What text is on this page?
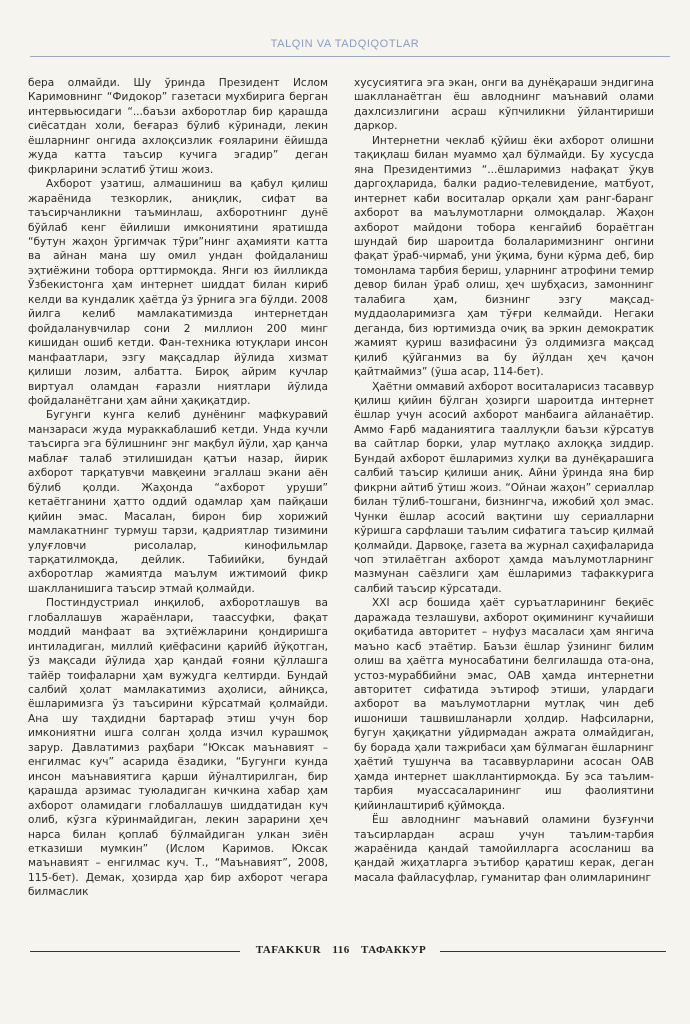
TALQIN VA TADQIQOTLAR

бера олмайди. Шу ўринда Президент Ислом Каримовнинг “Фидокор” газетаси мухбирига берган интервьюсидаги “...баъзи ахборотлар бир қарашда сиёсатдан холи, беғараз бўлиб кўринади, лекин ёшларнинг онгида ахлоқсизлик ғояларини ёйишда жуда катта таъсир кучига эгадир” деган фикрларини эслатиб ўтиш жоиз.

Ахборот узатиш, алмашиниш ва қабул қилиш жараёнида тезкорлик, аниқлик, сифат ва таъсирчанликни таъминлаш, ахборотнинг дунё бўйлаб кенг ёйилиши имкониятини яратишда “бутун жаҳон ўргимчак тўри”нинг аҳамияти катта ва айнан мана шу омил ундан фойдаланиш эҳтиёжини тобора орттирмоқда. Янги юз йилликда Ўзбекистонга ҳам интернет шиддат билан кириб келди ва кундалик ҳаётда ўз ўрнига эга бўлди. 2008 йилга келиб мамлакатимизда интернетдан фойдаланувчилар сони 2 миллион 200 минг кишидан ошиб кетди. Фан-техника ютуқлари инсон манфаатлари, эзгу мақсадлар йўлида хизмат қилиши лозим, албатта. Бироқ айрим кучлар виртуал оламдан ғаразли ниятлари йўлида фойдаланётгани ҳам айни ҳақиқатдир.

Бугунги кунга келиб дунёнинг мафкуравий манзараси жуда мураккаблашиб кетди. Унда кучли таъсирга эга бўлишнинг энг мақбул йўли, ҳар қанча маблағ талаб этилишидан қатъи назар, йирик ахборот тарқатувчи мавқеини эгаллаш экани аён бўлиб қолди. Жаҳонда “ахборот уруши” кетаётганини ҳатто оддий одамлар ҳам пайқаши қийин эмас. Масалан, бирон бир хорижий мамлакатнинг турмуш тарзи, қадриятлар тизимини улуғловчи рисолалар, кинофильмлар тарқатилмоқда, дейлик. Табиийки, бундай ахборотлар жамиятда маълум ижтимоий фикр шаклланишига таъсир этмай қолмайди.

Постиндустриал инқилоб, ахборотлашув ва глобаллашув жараёнлари, таассуфки, фақат моддий манфаат ва эҳтиёжларини қондиришга интиладиган, миллий қиёфасини қарийб йўқотган, ўз мақсади йўлида ҳар қандай ғояни қўллашга тайёр тоифаларни ҳам вужудга келтирди. Бундай салбий ҳолат мамлакатимиз аҳолиси, айниқса, ёшларимизга ўз таъсирини кўрсатмай қолмайди. Ана шу таҳдидни бартараф этиш учун бор имкониятни ишга солган ҳолда изчил курашмоқ зарур. Давлатимиз раҳбари “Юксак маънавият – енгилмас куч” асарида ёзадики, “Бугунги кунда инсон маънавиятига қарши йўналтирилган, бир қарашда арзимас туюладиган кичкина хабар ҳам ахборот оламидаги глобаллашув шиддатидан куч олиб, кўзга кўринмайдиган, лекин зарарини ҳеч нарса билан қоплаб бўлмайдиган улкан зиён етказиши мумкин” (Ислом Каримов. Юксак маънавият – енгилмас куч. Т., “Маънавият”, 2008, 115-бет). Демак, ҳозирда ҳар бир ахборот чегара билмаслик

хусусиятига эга экан, онги ва дунёқараши эндигина шаклланаётган ёш авлоднинг маънавий олами дахлсизлигини асраш кўпчиликни ўйлантириши даркор.

Интернетни чеклаб қўйиш ёки ахборот олишни тақиқлаш билан муаммо ҳал бўлмайди. Бу хусусда яна Президентимиз “...ёшларимиз нафақат ўқув даргоҳларида, балки радио-телевидение, матбуот, интернет каби воситалар орқали ҳам ранг-баранг ахборот ва маълумотларни олмоқдалар. Жаҳон ахборот майдони тобора кенгайиб бораётган шундай бир шароитда болаларимизнинг онгини фақат ўраб-чирмаб, уни ўқима, буни кўрма деб, бир томонлама тарбия бериш, уларнинг атрофини темир девор билан ўраб олиш, ҳеч шубҳасиз, замоннинг талабига ҳам, бизнинг эзгу мақсад-муддаоларимизга ҳам тўғри келмайди. Негаки деганда, биз юртимизда очиқ ва эркин демократик жамият қуриш вазифасини ўз олдимизга мақсад қилиб қўйганмиз ва бу йўлдан ҳеч қачон қайтмаймиз” (ўша асар, 114-бет).

Ҳаётни оммавий ахборот воситаларисиз тасаввур қилиш қийин бўлган ҳозирги шароитда интернет ёшлар учун асосий ахборот манбаига айланаётир. Аммо Ғарб маданиятига тааллуқли баъзи кўрсатув ва сайтлар борки, улар мутлақо ахлоққа зиддир. Бундай ахборот ёшларимиз хулқи ва дунёқарашига салбий таъсир қилиши аниқ. Айни ўринда яна бир фикрни айтиб ўтиш жоиз. “Ойнаи жаҳон” сериаллар билан тўлиб-тошгани, бизнингча, ижобий ҳол эмас. Чунки ёшлар асосий вақтини шу сериалларни кўришга сарфлаши таълим сифатига таъсир қилмай қолмайди. Дарвоқе, газета ва журнал саҳифаларида чоп этилаётган ахборот ҳамда маълумотларнинг мазмунан саёзлиги ҳам ёшларимиз тафаккурига салбий таъсир кўрсатади.

XXI аср бошида ҳаёт суръатларининг беқиёс даражада тезлашуви, ахборот оқимининг кучайиши оқибатида авторитет – нуфуз масаласи ҳам янгича маъно касб этаётир. Баъзи ёшлар ўзининг билим олиш ва ҳаётга муносабатини белгилашда ота-она, устоз-мураббийни эмас, ОАВ ҳамда интернетни авторитет сифатида эътироф этиши, улардаги ахборот ва маълумотларни мутлақ чин деб ишониши ташвишланарли ҳолдир. Нафсиларни, бугун ҳақиқатни уйдирмадан ажрата олмайдиган, бу борада ҳали тажрибаси ҳам бўлмаган ёшларнинг ҳаётий тушунча ва тасаввурларини асосан ОАВ ҳамда интернет шакллантирмоқда. Бу эса таълим-тарбия муассасаларининг иш фаолиятини қийинлаштириб қўймоқда.

Ёш авлоднинг маънавий оламини бузғунчи таъсирлардан асраш учун таълим-тарбия жараёнида қандай тамойилларга асосланиш ва қандай жиҳатларга эътибор қаратиш керак, деган масала файласуфлар, гуманитар фан олимларининг

TAFAKKUR 116 ТАФАККУР
